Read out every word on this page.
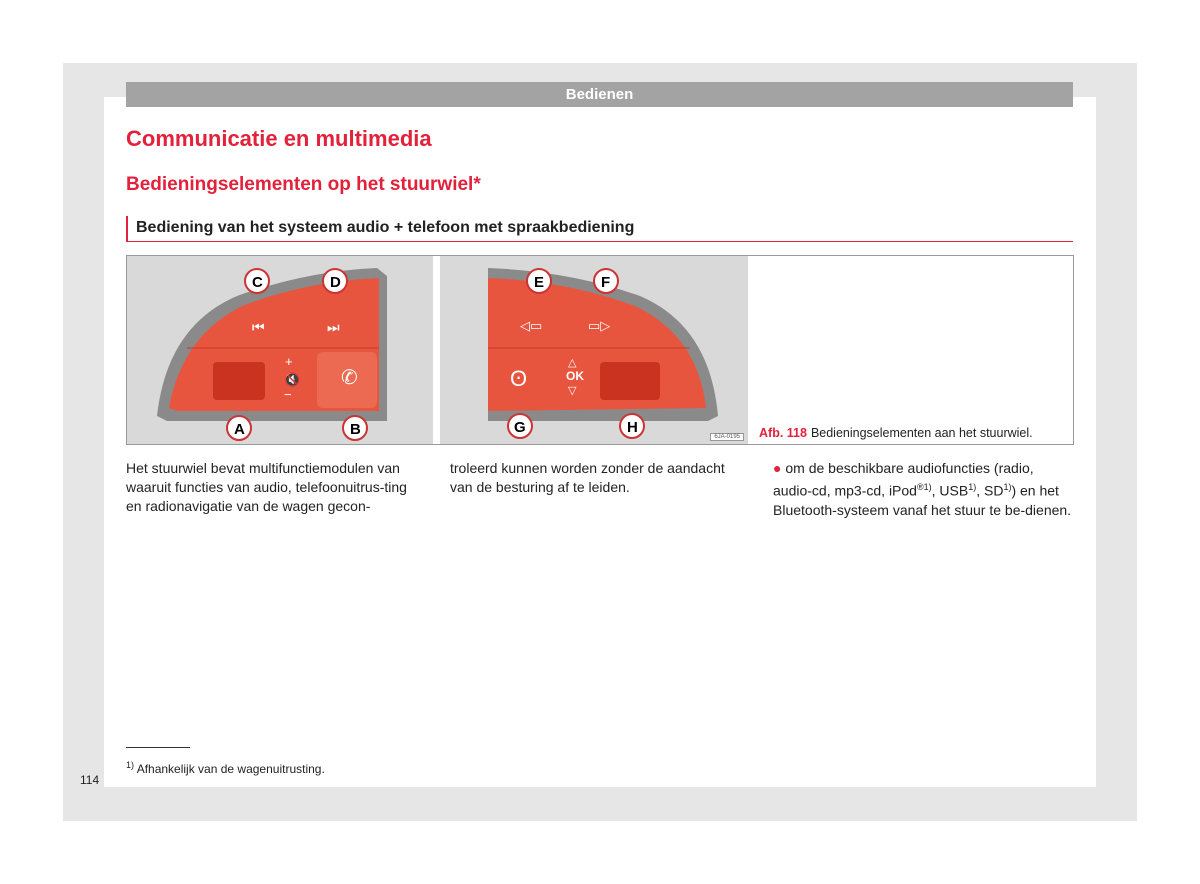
Bedienen
Communicatie en multimedia
Bedieningselementen op het stuurwiel*
Bediening van het systeem audio + telefoon met spraakbediening
⏮	⏭
+
🔇
−
✆
C	D
A	B
◁▭	▭▷
△
OK
▽
ʘ
E	F
G	H
6JA-0195	Afb. 118 Bedieningselementen aan het stuurwiel.
Het stuurwiel bevat multifunctiemodulen van waaruit functies van audio, telefoonuitrus-ting en radionavigatie van de wagen gecon-
troleerd kunnen worden zonder de aandacht van de besturing af te leiden.
● om de beschikbare audiofuncties (radio, audio-cd, mp3-cd, iPod$^{®1)}$, USB$^{1)}$, SD$^{1)}$) en het Bluetooth-systeem vanaf het stuur te be-dienen.
$^{1)}$ Afhankelijk van de wagenuitrusting.
114
